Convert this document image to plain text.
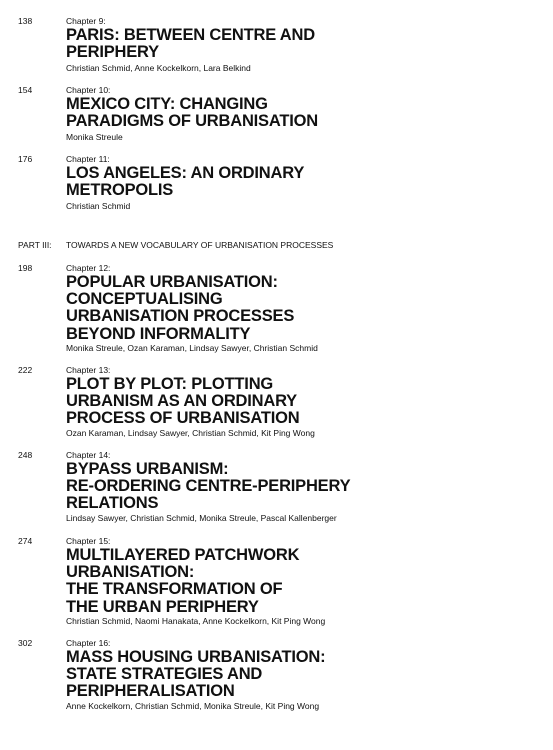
138	Chapter 9:
PARIS: BETWEEN CENTRE AND
PERIPHERY
Christian Schmid, Anne Kockelkorn, Lara Belkind
154	Chapter 10:
MEXICO CITY: CHANGING
PARADIGMS OF URBANISATION
Monika Streule
176	Chapter 11:
LOS ANGELES: AN ORDINARY
METROPOLIS
Christian Schmid
PART III: TOWARDS A NEW VOCABULARY OF URBANISATION PROCESSES
198	Chapter 12:
POPULAR URBANISATION:
CONCEPTUALISING
URBANISATION PROCESSES
BEYOND INFORMALITY
Monika Streule, Ozan Karaman, Lindsay Sawyer, Christian Schmid
222	Chapter 13:
PLOT BY PLOT: PLOTTING
URBANISM AS AN ORDINARY
PROCESS OF URBANISATION
Ozan Karaman, Lindsay Sawyer, Christian Schmid, Kit Ping Wong
248	Chapter 14:
BYPASS URBANISM:
RE-ORDERING CENTRE-PERIPHERY
RELATIONS
Lindsay Sawyer, Christian Schmid, Monika Streule, Pascal Kallenberger
274	Chapter 15:
MULTILAYERED PATCHWORK
URBANISATION:
THE TRANSFORMATION OF
THE URBAN PERIPHERY
Christian Schmid, Naomi Hanakata, Anne Kockelkorn, Kit Ping Wong
302	Chapter 16:
MASS HOUSING URBANISATION:
STATE STRATEGIES AND
PERIPHERALISATION
Anne Kockelkorn, Christian Schmid, Monika Streule, Kit Ping Wong
